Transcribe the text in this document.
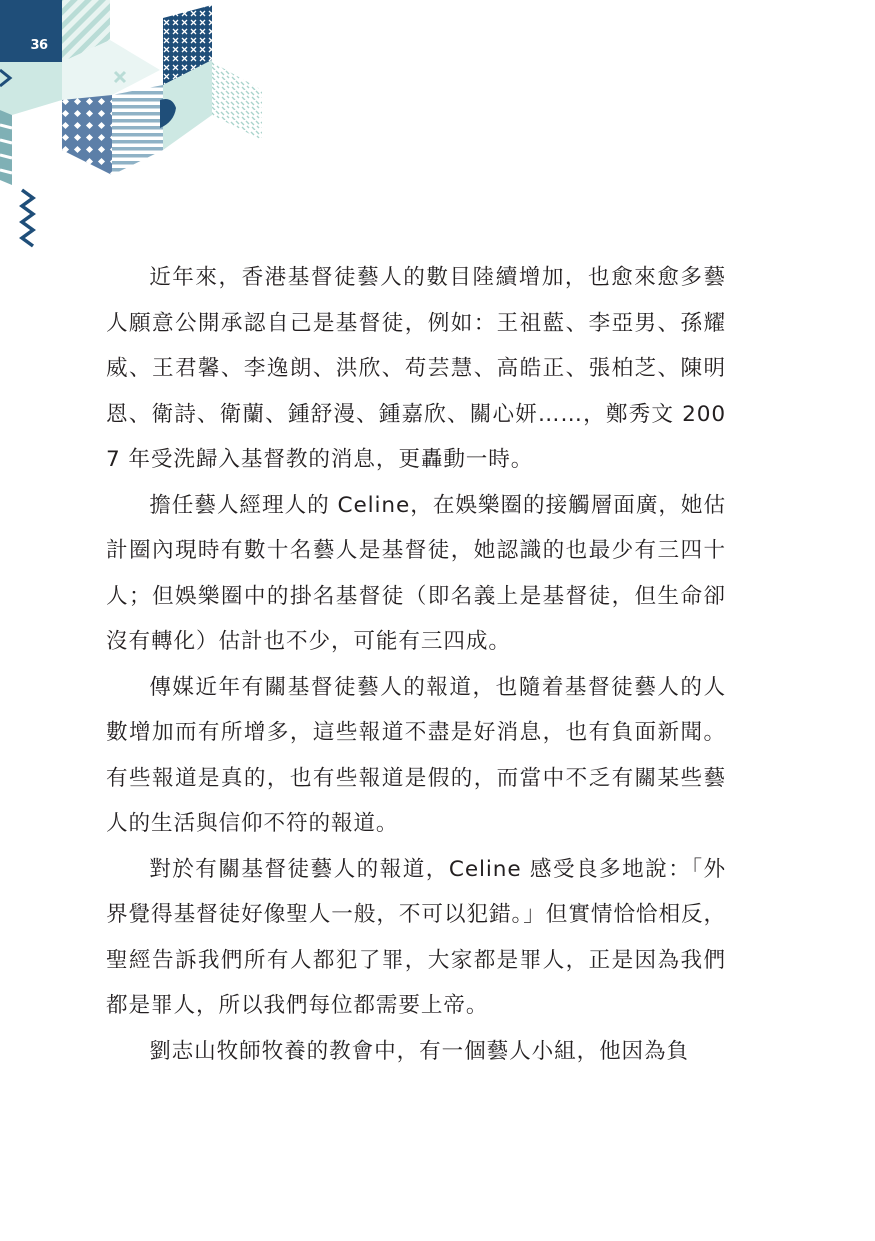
36

近年來，香港基督徒藝人的數目陸續增加，也愈來愈多藝人願意公開承認自己是基督徒，例如：王祖藍、李亞男、孫耀威、王君馨、李逸朗、洪欣、苟芸慧、高皓正、張柏芝、陳明恩、衛詩、衛蘭、鍾舒漫、鍾嘉欣、關心妍……，鄭秀文 2007 年受洗歸入基督教的消息，更轟動一時。

擔任藝人經理人的 Celine，在娛樂圈的接觸層面廣，她估計圈內現時有數十名藝人是基督徒，她認識的也最少有三四十人；但娛樂圈中的掛名基督徒（即名義上是基督徒，但生命卻沒有轉化）估計也不少，可能有三四成。

傳媒近年有關基督徒藝人的報道，也隨着基督徒藝人的人數增加而有所增多，這些報道不盡是好消息，也有負面新聞。有些報道是真的，也有些報道是假的，而當中不乏有關某些藝人的生活與信仰不符的報道。

對於有關基督徒藝人的報道，Celine 感受良多地說：「外界覺得基督徒好像聖人一般，不可以犯錯。」但實情恰恰相反，聖經告訴我們所有人都犯了罪，大家都是罪人，正是因為我們都是罪人，所以我們每位都需要上帝。

劉志山牧師牧養的教會中，有一個藝人小組，他因為負
